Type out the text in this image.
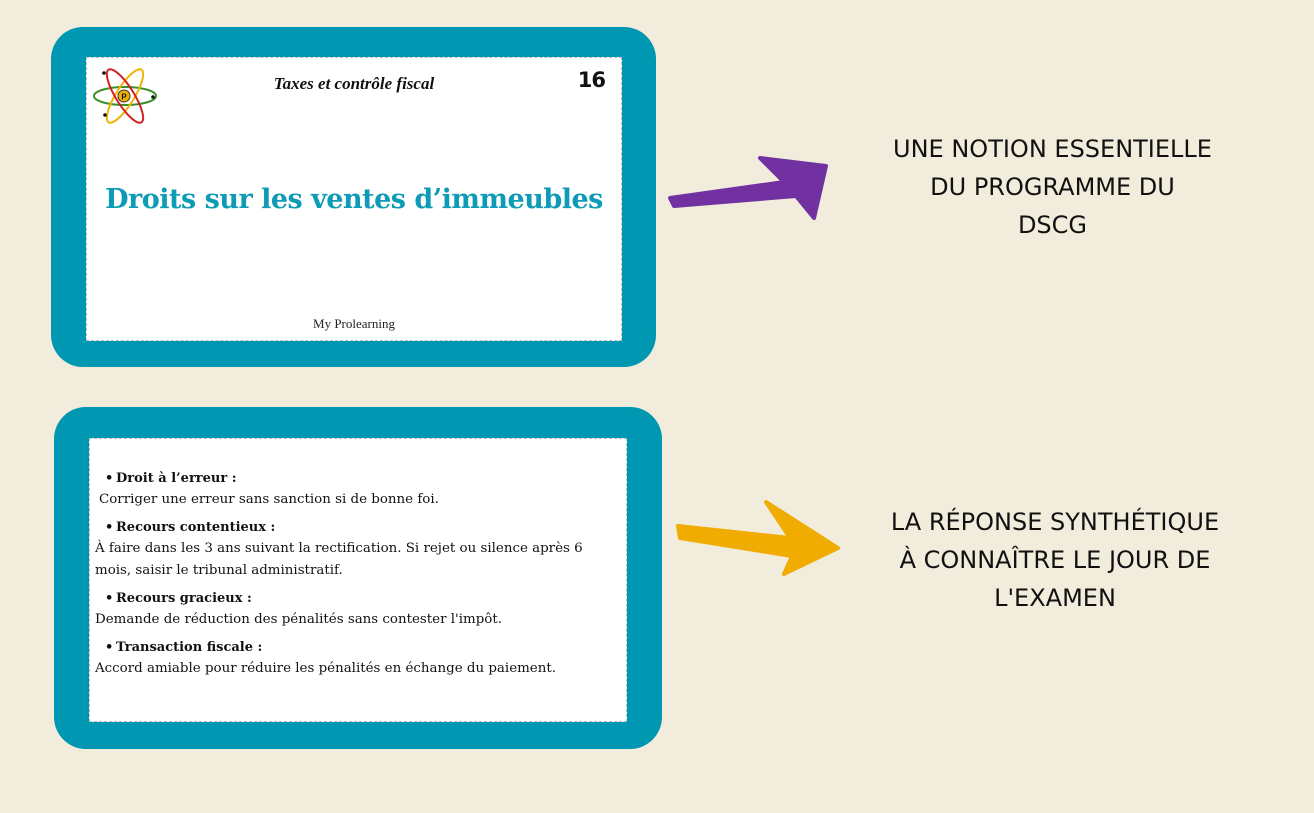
P
Taxes et contrôle fiscal	16
Droits sur les ventes d’immeubles
My Prolearning
UNE NOTION ESSENTIELLE
DU PROGRAMME DU
DSCG
• Droit à l’erreur :
Corriger une erreur sans sanction si de bonne foi.
• Recours contentieux :
À faire dans les 3 ans suivant la rectification. Si rejet ou silence après 6 mois, saisir le tribunal administratif.
• Recours gracieux :
Demande de réduction des pénalités sans contester l'impôt.
• Transaction fiscale :
Accord amiable pour réduire les pénalités en échange du paiement.
LA RÉPONSE SYNTHÉTIQUE
À CONNAÎTRE LE JOUR DE
L'EXAMEN
